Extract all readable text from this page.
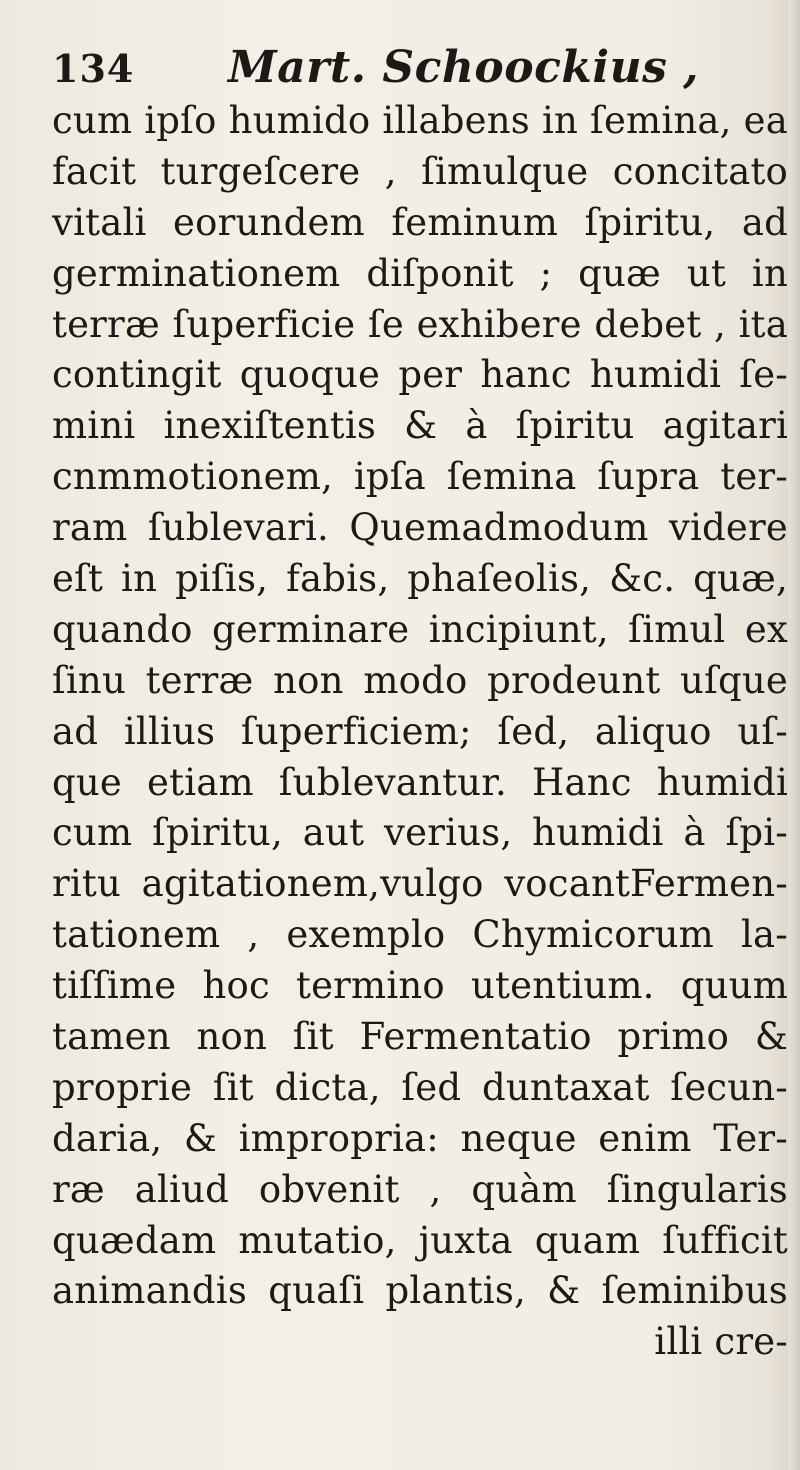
134 Mart. Schoockius ,
cum ipſo humido illabens in ſemina, ea
facit turgeſcere , ſimulque concitato
vitali eorundem feminum ſpiritu, ad
germinationem diſponit ; quæ ut in
terræ ſuperficie ſe exhibere debet , ita
contingit quoque per hanc humidi ſe-
mini inexiſtentis & à ſpiritu agitari
cnmmotionem, ipſa ſemina ſupra ter-
ram ſublevari. Quemadmodum videre
eſt in piſis, fabis, phaſeolis, &c. quæ,
quando germinare incipiunt, ſimul ex
ſinu terræ non modo prodeunt uſque
ad illius ſuperficiem; ſed, aliquo uſ-
que etiam ſublevantur. Hanc humidi
cum ſpiritu, aut verius, humidi à ſpi-
ritu agitationem,vulgo vocantFermen-
tationem , exemplo Chymicorum la-
tiſſime hoc termino utentium. quum
tamen non ſit Fermentatio primo &
proprie ſit dicta, ſed duntaxat ſecun-
daria, & impropria: neque enim Ter-
ræ aliud obvenit , quàm ſingularis
quædam mutatio, juxta quam ſufficit
animandis quaſi plantis, & ſeminibus
illi cre-
